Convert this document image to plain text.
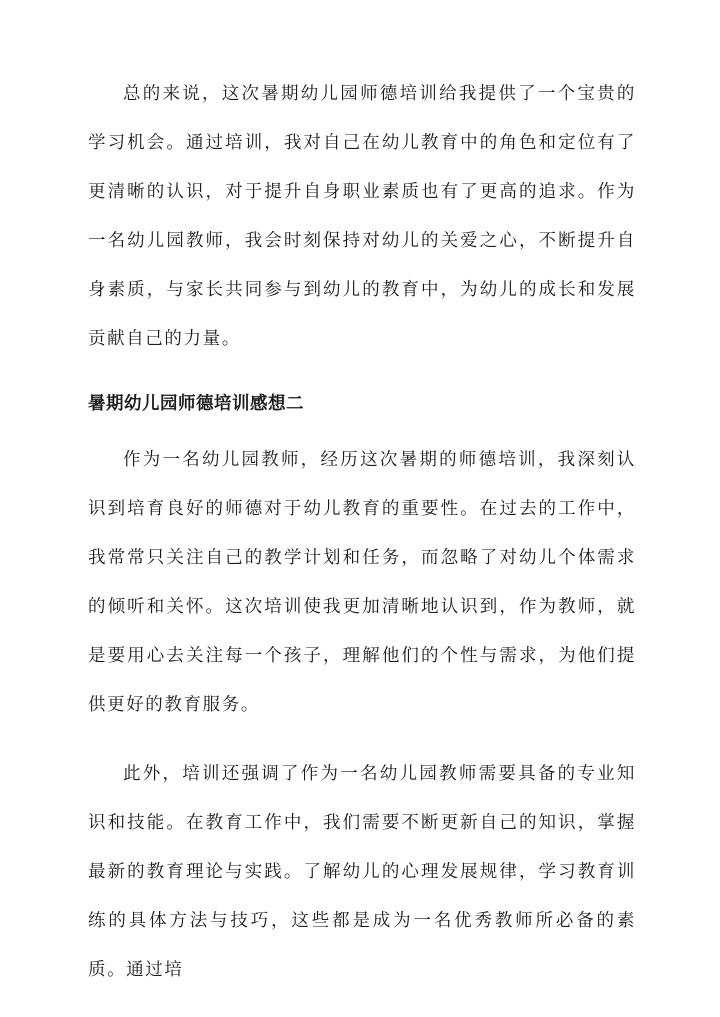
总的来说，这次暑期幼儿园师德培训给我提供了一个宝贵的学习机会。通过培训，我对自己在幼儿教育中的角色和定位有了更清晰的认识，对于提升自身职业素质也有了更高的追求。作为一名幼儿园教师，我会时刻保持对幼儿的关爱之心，不断提升自身素质，与家长共同参与到幼儿的教育中，为幼儿的成长和发展贡献自己的力量。

暑期幼儿园师德培训感想二

作为一名幼儿园教师，经历这次暑期的师德培训，我深刻认识到培育良好的师德对于幼儿教育的重要性。在过去的工作中，我常常只关注自己的教学计划和任务，而忽略了对幼儿个体需求的倾听和关怀。这次培训使我更加清晰地认识到，作为教师，就是要用心去关注每一个孩子，理解他们的个性与需求，为他们提供更好的教育服务。

此外，培训还强调了作为一名幼儿园教师需要具备的专业知识和技能。在教育工作中，我们需要不断更新自己的知识，掌握最新的教育理论与实践。了解幼儿的心理发展规律，学习教育训练的具体方法与技巧，这些都是成为一名优秀教师所必备的素质。通过培
